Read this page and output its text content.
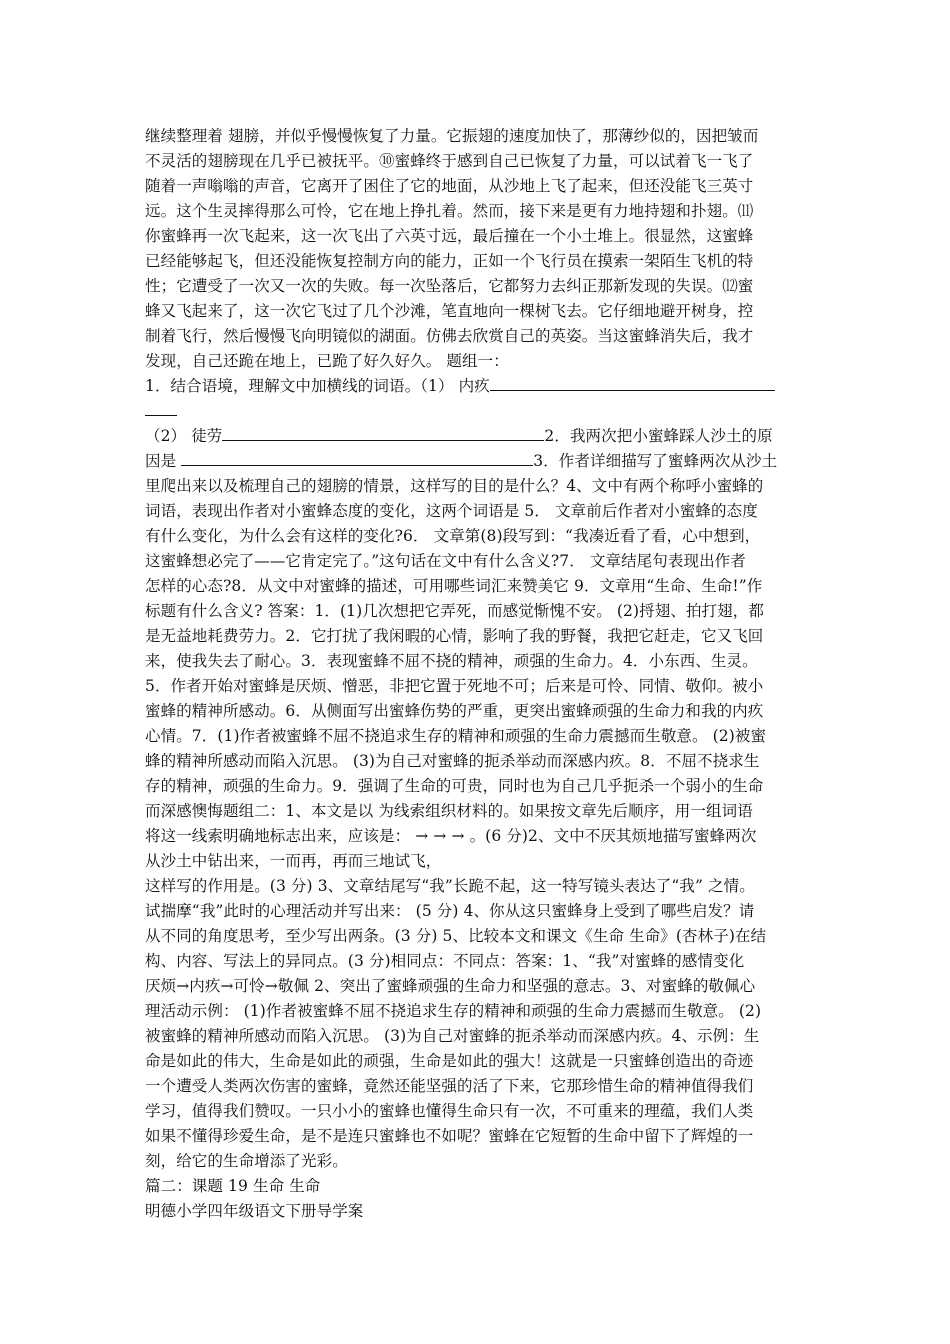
继续整理着 翅膀，并似乎慢慢恢复了力量。它振翅的速度加快了，那薄纱似的，因把皱而
不灵活的翅膀现在几乎已被抚平。⑩蜜蜂终于感到自己已恢复了力量，可以试着飞一飞了
随着一声嗡嗡的声音，它离开了困住了它的地面，从沙地上飞了起来，但还没能飞三英寸
远。这个生灵摔得那么可怜，它在地上挣扎着。然而，接下来是更有力地持翅和扑翅。⑾
你蜜蜂再一次飞起来，这一次飞出了六英寸远，最后撞在一个小土堆上。很显然，这蜜蜂
已经能够起飞，但还没能恢复控制方向的能力，正如一个飞行员在摸索一架陌生飞机的特
性；它遭受了一次又一次的失败。每一次坠落后，它都努力去纠正那新发现的失误。⑿蜜
蜂又飞起来了，这一次它飞过了几个沙滩，笔直地向一棵树飞去。它仔细地避开树身，控
制着飞行，然后慢慢飞向明镜似的湖面。仿佛去欣赏自己的英姿。当这蜜蜂消失后，我才
发现，自己还跪在地上，已跪了好久好久。 题组一：
1．结合语境，理解文中加横线的词语。（1） 内疚
（2） 徒劳	2．我两次把小蜜蜂踩人沙土的原
因是	3．作者详细描写了蜜蜂两次从沙土
里爬出来以及梳理自己的翅膀的情景，这样写的目的是什么？4、文中有两个称呼小蜜蜂的
词语，表现出作者对小蜜蜂态度的变化，这两个词语是 5． 文章前后作者对小蜜蜂的态度
有什么变化，为什么会有这样的变化?6． 文章第(8)段写到：“我凑近看了看，心中想到，
这蜜蜂想必完了——它肯定完了。”这句话在文中有什么含义?7． 文章结尾句表现出作者
怎样的心态?8．从文中对蜜蜂的描述，可用哪些词汇来赞美它 9．文章用“生命、生命!”作
标题有什么含义? 答案：1．(1)几次想把它弄死，而感觉惭愧不安。 (2)捋翅、拍打翅，都
是无益地耗费劳力。2．它打扰了我闲暇的心情，影响了我的野餐，我把它赶走，它又飞回
来，使我失去了耐心。3．表现蜜蜂不屈不挠的精神，顽强的生命力。4．小东西、生灵。
5．作者开始对蜜蜂是厌烦、憎恶，非把它置于死地不可；后来是可怜、同情、敬仰。被小
蜜蜂的精神所感动。6．从侧面写出蜜蜂伤势的严重，更突出蜜蜂顽强的生命力和我的内疚
心情。7．(1)作者被蜜蜂不屈不挠追求生存的精神和顽强的生命力震撼而生敬意。 (2)被蜜
蜂的精神所感动而陷入沉思。 (3)为自己对蜜蜂的扼杀举动而深感内疚。8．不屈不挠求生
存的精神，顽强的生命力。9．强调了生命的可贵，同时也为自己几乎扼杀一个弱小的生命
而深感懊悔题组二：1、本文是以 为线索组织材料的。如果按文章先后顺序，用一组词语
将这一线索明确地标志出来，应该是： → → → 。(6 分)2、文中不厌其烦地描写蜜蜂两次
从沙土中钻出来，一而再，再而三地试飞，
这样写的作用是。(3 分) 3、文章结尾写“我”长跪不起，这一特写镜头表达了“我” 之情。
试揣摩“我”此时的心理活动并写出来： (5 分) 4、你从这只蜜蜂身上受到了哪些启发？请
从不同的角度思考，至少写出两条。(3 分) 5、比较本文和课文《生命 生命》(杏林子)在结
构、内容、写法上的异同点。(3 分)相同点：不同点：答案：1、“我”对蜜蜂的感情变化
厌烦→内疚→可怜→敬佩 2、突出了蜜蜂顽强的生命力和坚强的意志。3、对蜜蜂的敬佩心
理活动示例： (1)作者被蜜蜂不屈不挠追求生存的精神和顽强的生命力震撼而生敬意。 (2)
被蜜蜂的精神所感动而陷入沉思。 (3)为自己对蜜蜂的扼杀举动而深感内疚。4、示例：生
命是如此的伟大，生命是如此的顽强，生命是如此的强大！这就是一只蜜蜂创造出的奇迹
一个遭受人类两次伤害的蜜蜂，竟然还能坚强的活了下来，它那珍惜生命的精神值得我们
学习，值得我们赞叹。一只小小的蜜蜂也懂得生命只有一次，不可重来的理蕴，我们人类
如果不懂得珍爱生命，是不是连只蜜蜂也不如呢？蜜蜂在它短暂的生命中留下了辉煌的一
刻，给它的生命增添了光彩。
篇二：课题 19 生命 生命
明德小学四年级语文下册导学案
